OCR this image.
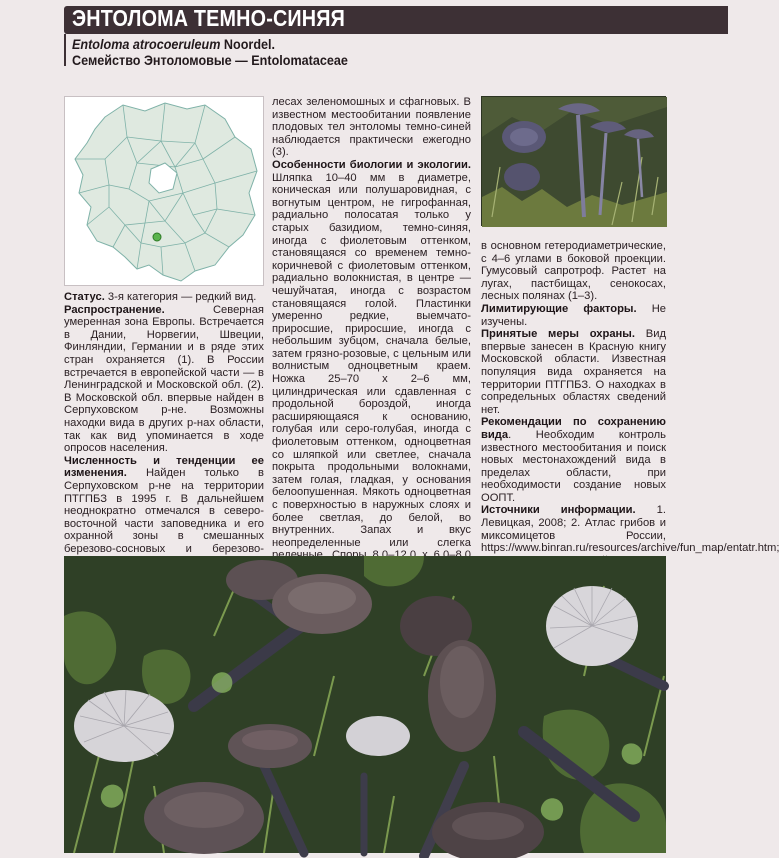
ЭНТОЛОМА ТЕМНО-СИНЯЯ
Entoloma atrocoeruleum Noordel.
Семейство Энтоломовые — Entolomataceae

Статус. 3-я категория — редкий вид.

Распространение. Северная умеренная зона Европы. Встречается в Дании, Норвегии, Швеции, Финляндии, Германии и в ряде этих стран охраняется (1). В России встречается в европейской части — в Ленинградской и Московской обл. (2). В Московской обл. впервые найден в Серпуховском р-не. Возможны находки вида в других р-нах области, так как вид упоминается в ходе опросов населения.

Численность и тенденции ее изменения. Найден только в Серпуховском р-не на территории ПТГПБЗ в 1995 г. В дальнейшем неоднократно отмечался в северо-восточной части заповедника и его охранной зоны в смешанных березово-сосновых и березово-

лесах зеленомошных и сфагновых. В известном местообитании появление плодовых тел энтоломы темно-синей наблюдается практически ежегодно (3).

Особенности биологии и экологии. Шляпка 10–40 мм в диаметре, коническая или полушаровидная, с вогнутым центром, не гигрофанная, радиально полосатая только у старых базидиом, темно-синяя, иногда с фиолетовым оттенком, становящаяся со временем темно-коричневой с фиолетовым оттенком, радиально волокнистая, в центре — чешуйчатая, иногда с возрастом становящаяся голой. Пластинки умеренно редкие, выемчато-приросшие, приросшие, иногда с небольшим зубцом, сначала белые, затем грязно-розовые, с цельным или волнистым одноцветным краем. Ножка 25–70 х 2–6 мм, цилиндрическая или сдавленная с продольной бороздой, иногда расширяющаяся к основанию, голубая или серо-голубая, иногда с фиолетовым оттенком, одноцветная со шляпкой или светлее, сначала покрыта продольными волокнами, затем голая, гладкая, у основания белоопушенная. Мякоть одноцветная с поверхностью в наружных слоях и более светлая, до белой, во внутренних. Запах и вкус неопределенные или слегка

в основном гетеродиаметрические, с 4–6 углами в боковой проекции. Гумусовый сапротроф. Растет на лугах, пастбищах, сенокосах, лесных полянах (1–3).

Лимитирующие факторы. Не изучены.

Принятые меры охраны. Вид впервые занесен в Красную книгу Московской области. Известная популяция вида охраняется на территории ПТГПБЗ. О находках в сопредельных областях сведений нет.

Рекомендации по сохранению вида. Необходим контроль известного местообитания и поиск новых местонахождений вида в пределах области, при необходимости создание новых ООПТ.

Источники информации. 1. Левицкая, 2008; 2. Атлас грибов и миксомицетов России, https://www.binran.ru/resources/archive/fun_map/entatr.htm;
